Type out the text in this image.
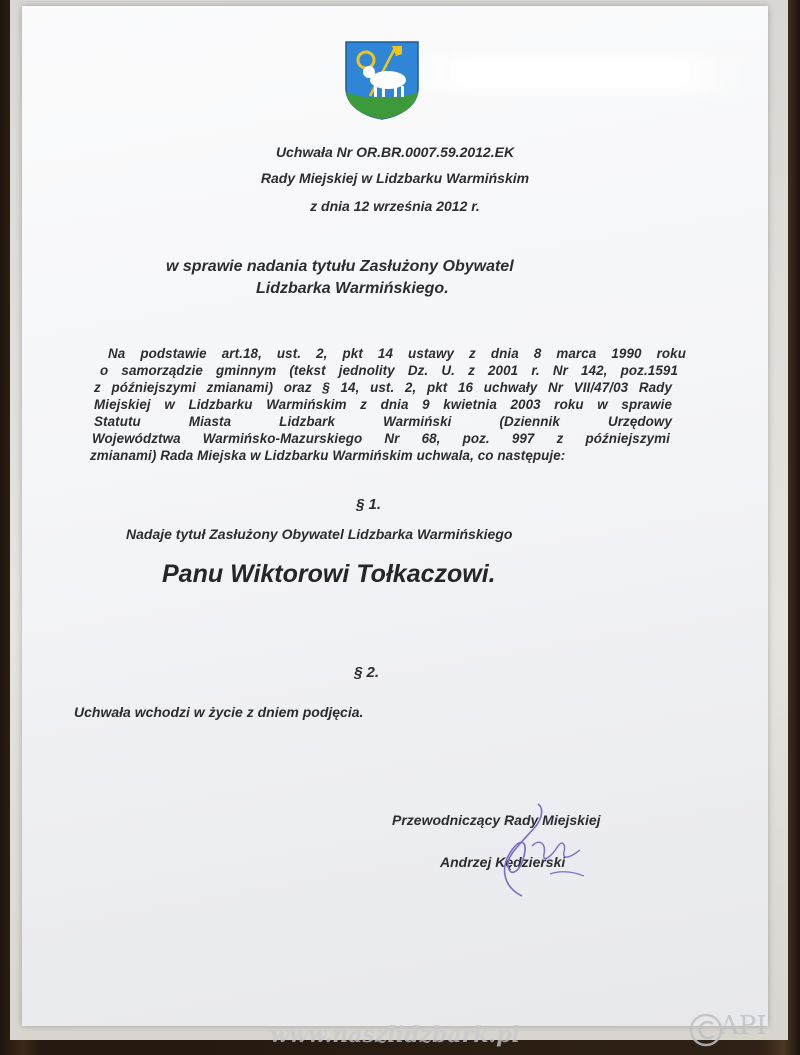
Uchwała Nr OR.BR.0007.59.2012.EK
Rady Miejskiej w Lidzbarku Warmińskim
z dnia 12 września 2012 r.
w sprawie nadania tytułu Zasłużony Obywatel
Lidzbarka Warmińskiego.
Na podstawie art.18, ust. 2, pkt 14 ustawy z dnia 8 marca 1990 roku
o samorządzie gminnym (tekst jednolity Dz. U. z 2001 r. Nr 142, poz.1591
z późniejszymi zmianami) oraz § 14, ust. 2, pkt 16 uchwały Nr VII/47/03 Rady
Miejskiej w Lidzbarku Warmińskim z dnia 9 kwietnia 2003 roku w sprawie
Statutu Miasta Lidzbark Warmiński (Dziennik Urzędowy
Województwa Warmińsko-Mazurskiego Nr 68, poz. 997 z późniejszymi
zmianami) Rada Miejska w Lidzbarku Warmińskim uchwala, co następuje:
§ 1.
Nadaje tytuł Zasłużony Obywatel Lidzbarka Warmińskiego
Panu Wiktorowi Tołkaczowi.
§ 2.
Uchwała wchodzi w życie z dniem podjęcia.
Przewodniczący Rady Miejskiej
Andrzej Kędzierski
www.naszlidzbark.pl	API
